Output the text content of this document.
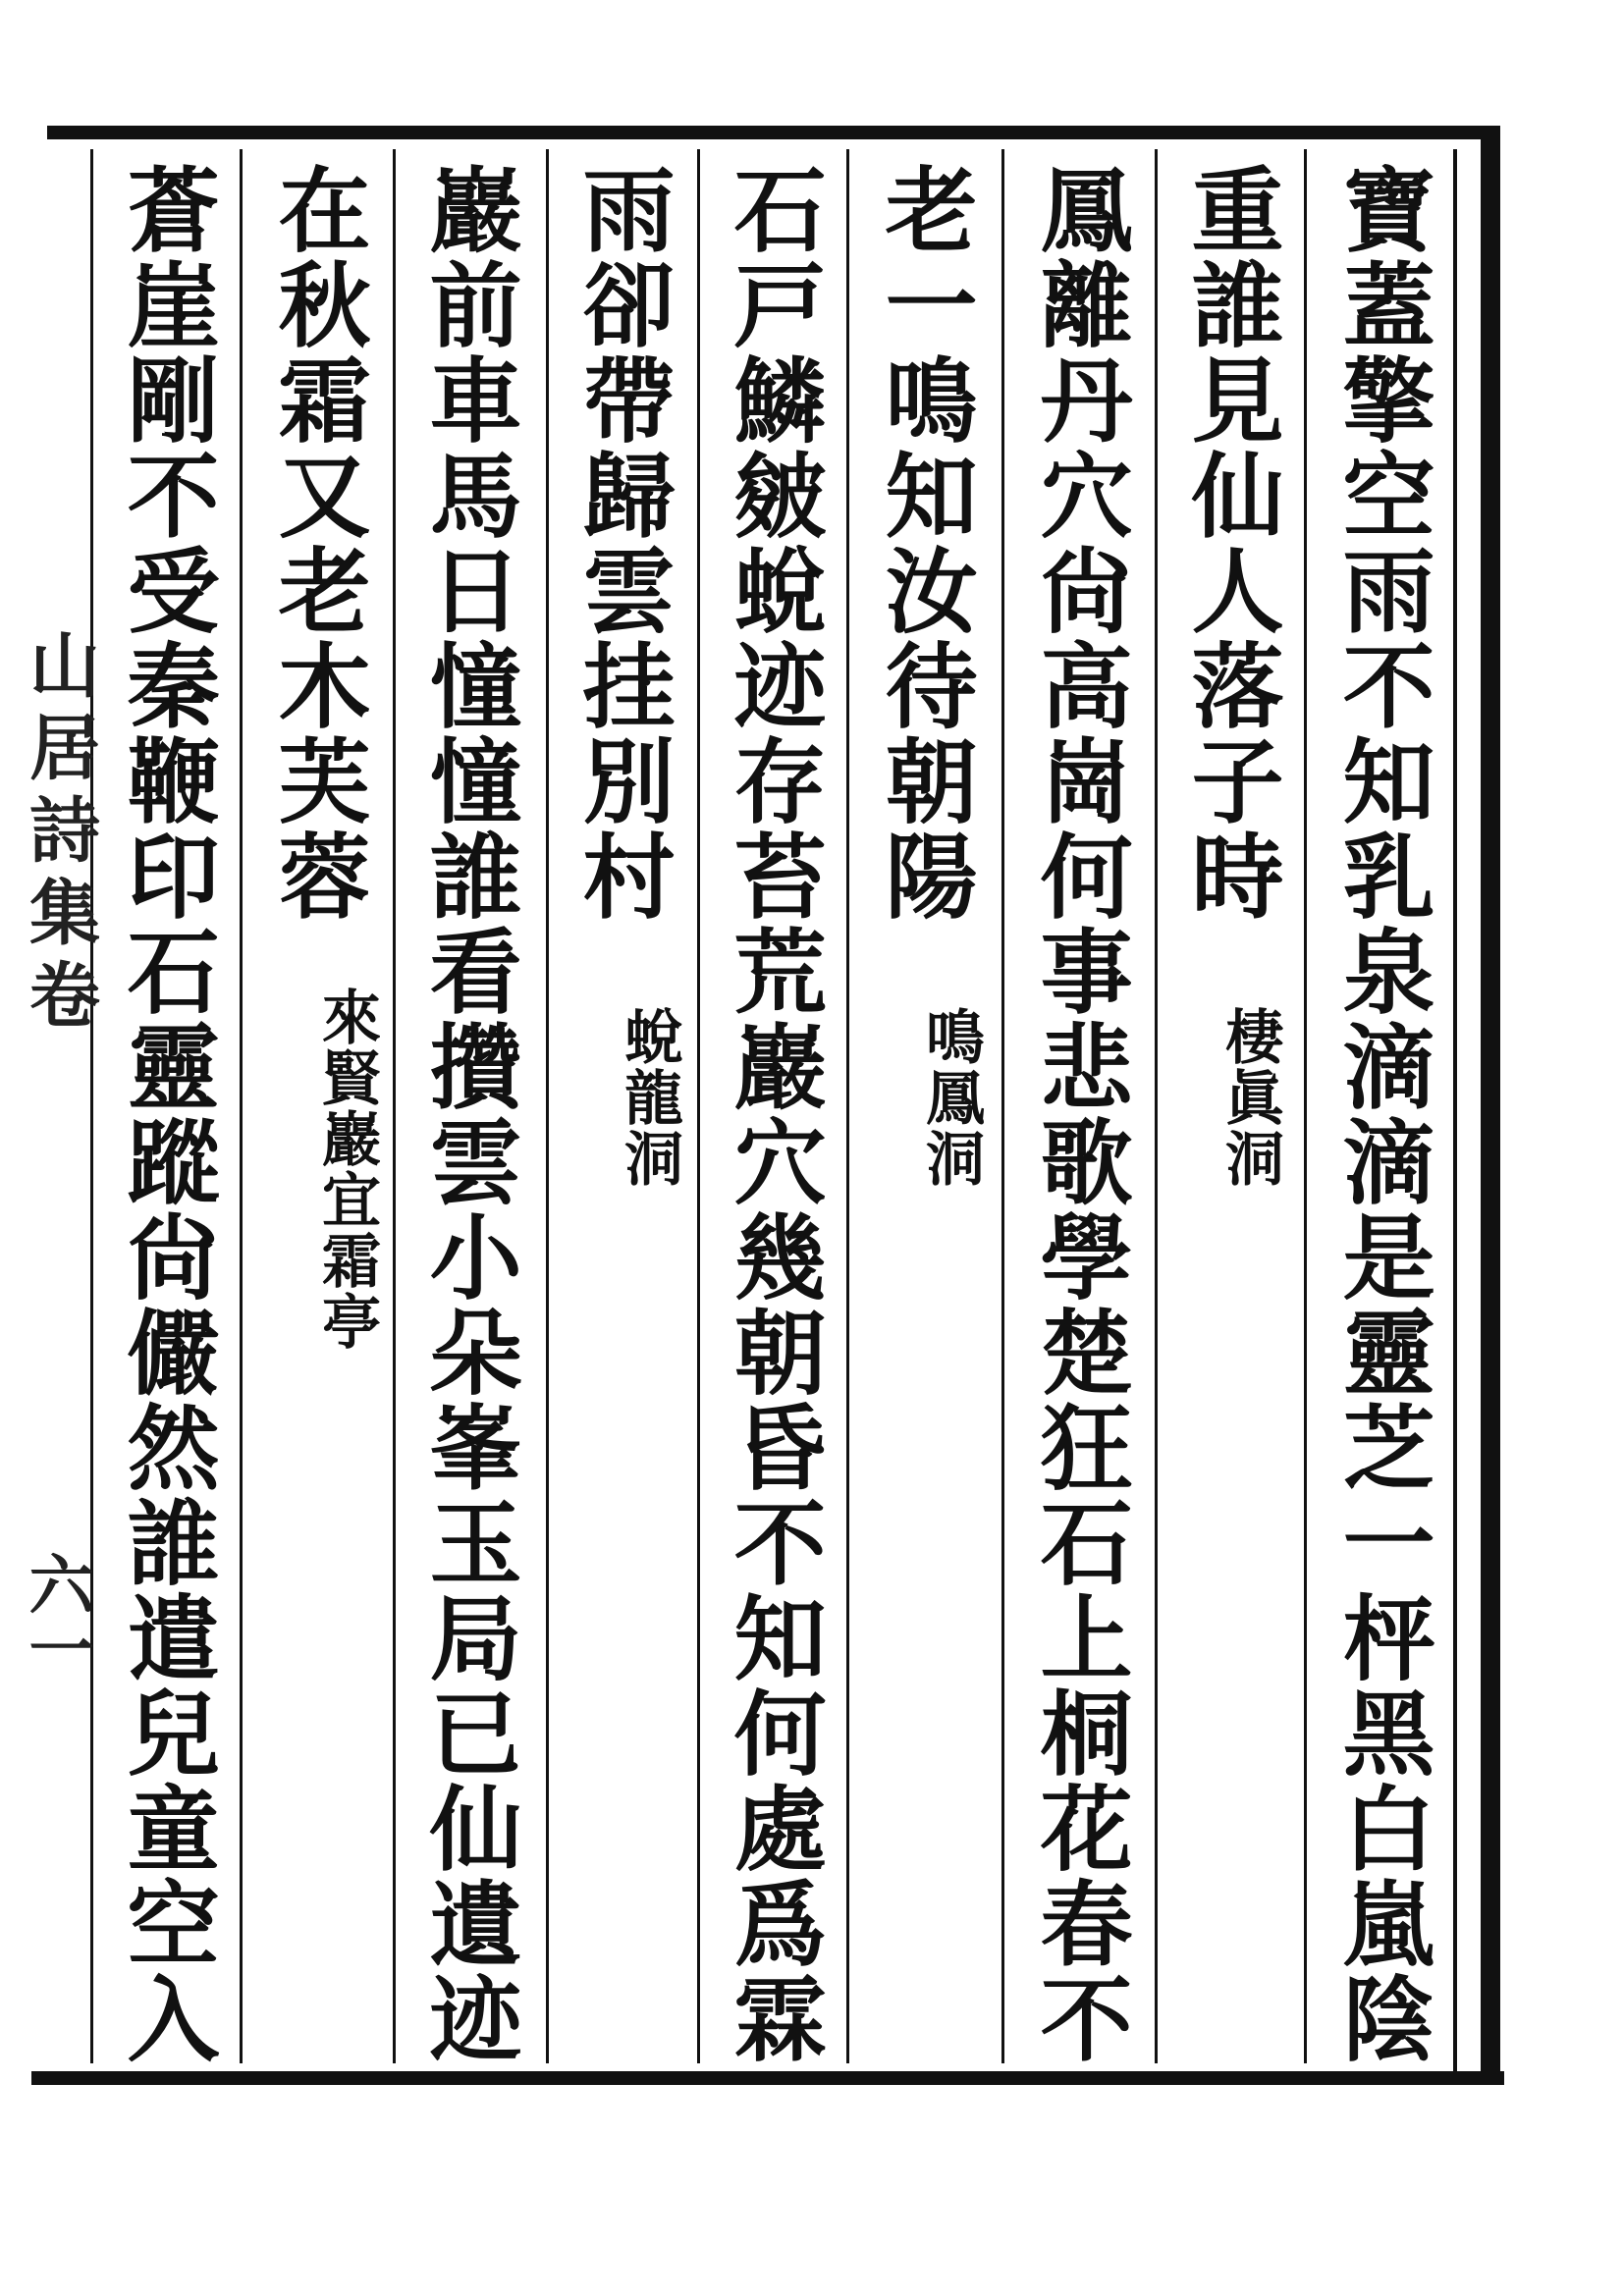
寶蓋擎空雨不知乳泉滴滴是靈芝一枰黑白嵐陰
重誰見仙人落子時
棲眞洞
鳳離丹穴尙高崗何事悲歌學楚狂石上桐花春不
老一鳴知汝待朝陽
鳴鳳洞
石戸鱗皴蛻迹存苔荒巖穴幾朝昏不知何處爲霖
雨卻帶歸雲挂別村
蛻龍洞
巖前車馬日憧憧誰看攢雲小朵峯玉局已仙遺迹
在秋霜又老木芙蓉
來賢巖宜霜亭
蒼崖剛不受秦鞭印石靈蹤尙儼然誰遣兒童空入
山居詩集卷
六一
